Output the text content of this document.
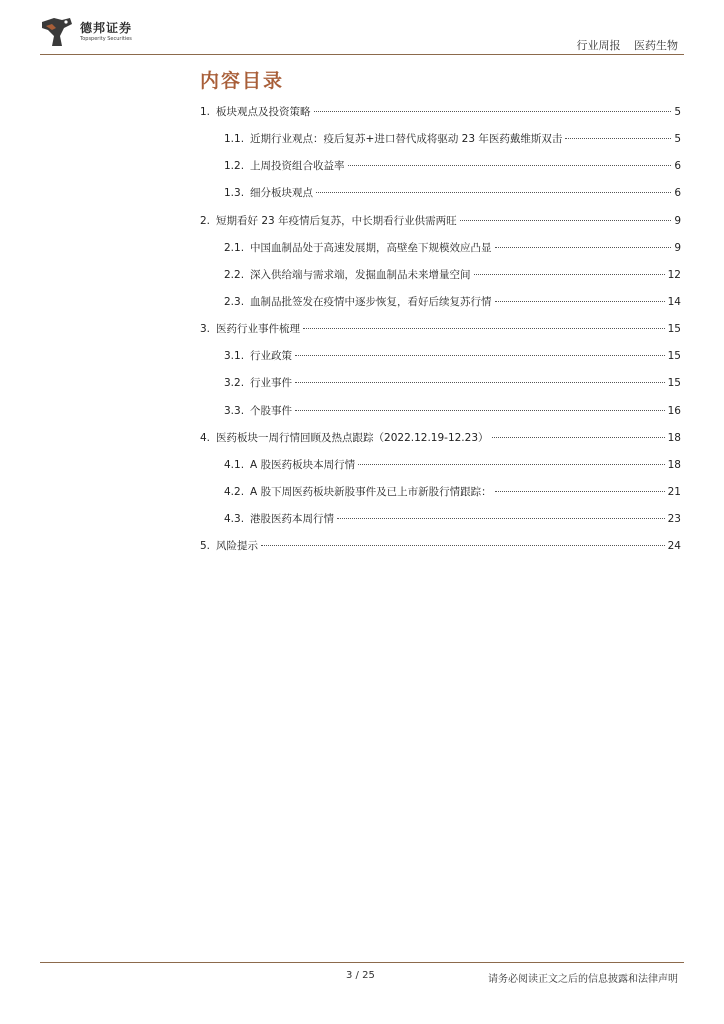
德邦证券
Topsperity Securities	行业周报 医药生物
内容目录
1. 板块观点及投资策略	5
1.1. 近期行业观点：疫后复苏+进口替代成将驱动 23 年医药戴维斯双击	5
1.2. 上周投资组合收益率	6
1.3. 细分板块观点	6
2. 短期看好 23 年疫情后复苏，中长期看行业供需两旺	9
2.1. 中国血制品处于高速发展期，高壁垒下规模效应凸显	9
2.2. 深入供给端与需求端，发掘血制品未来增量空间	12
2.3. 血制品批签发在疫情中逐步恢复，看好后续复苏行情	14
3. 医药行业事件梳理	15
3.1. 行业政策	15
3.2. 行业事件	15
3.3. 个股事件	16
4. 医药板块一周行情回顾及热点跟踪（2022.12.19-12.23）	18
4.1. A 股医药板块本周行情	18
4.2. A 股下周医药板块新股事件及已上市新股行情跟踪：	21
4.3. 港股医药本周行情	23
5. 风险提示	24
3 / 25	请务必阅读正文之后的信息披露和法律声明
